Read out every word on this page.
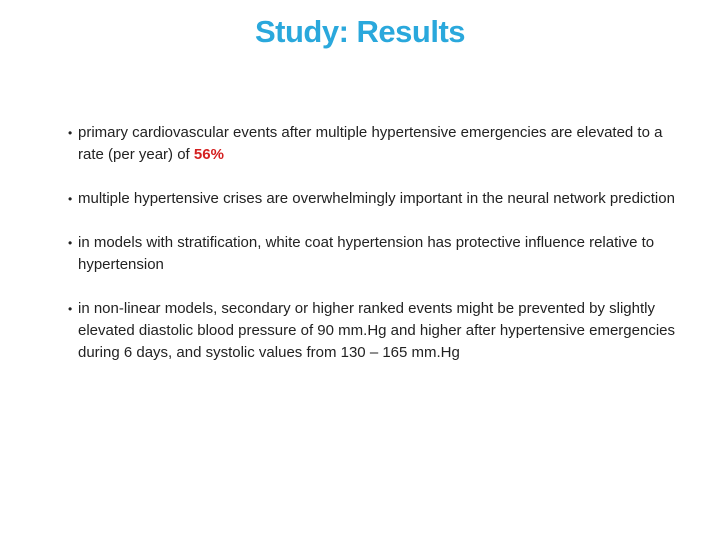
Study: Results
• primary cardiovascular events after multiple hypertensive emergencies are elevated to a rate (per year) of 56%
• multiple hypertensive crises are overwhelmingly important in the neural network prediction
• in models with stratification, white coat hypertension has protective influence relative to hypertension
• in non-linear models, secondary or higher ranked events might be prevented by slightly elevated diastolic blood pressure of 90 mm.Hg and higher after hypertensive emergencies during 6 days, and systolic values from 130 – 165 mm.Hg
